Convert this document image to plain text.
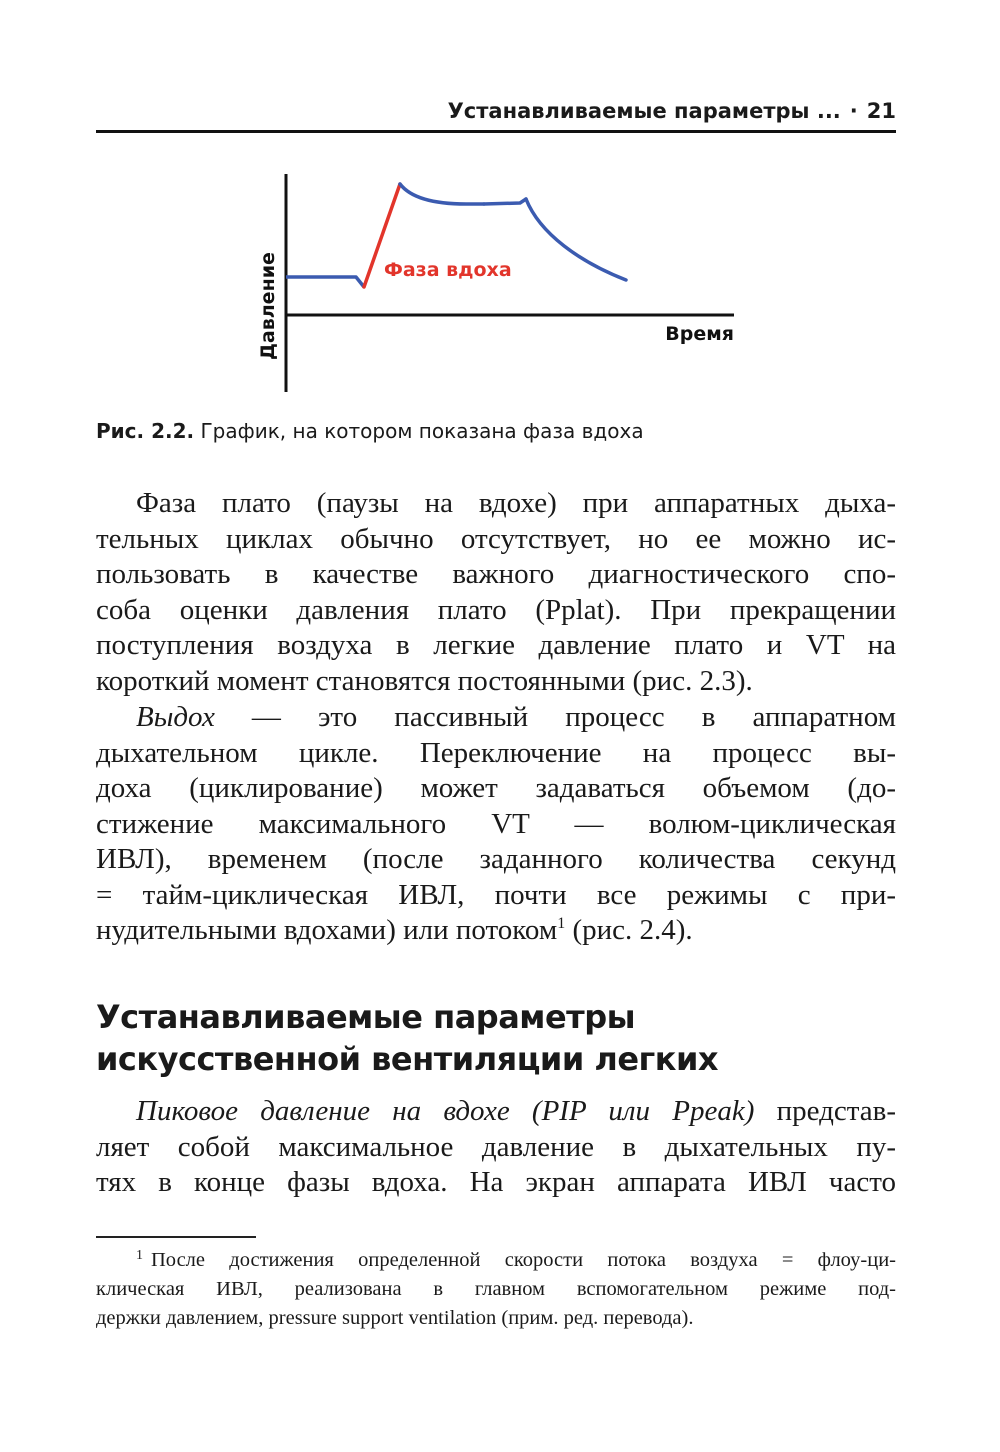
Устанавливаемые параметры ... · 21
Фаза вдоха
Время
Давление
Рис. 2.2. График, на котором показана фаза вдоха
Фаза плато (паузы на вдохе) при аппаратных дыха-
тельных циклах обычно отсутствует, но ее можно ис-
пользовать в качестве важного диагностического спо-
соба оценки давления плато (Pplat). При прекращении
поступления воздуха в легкие давление плато и VT на
короткий момент становятся постоянными (рис. 2.3).
Выдох — это пассивный процесс в аппаратном
дыхательном цикле. Переключение на процесс вы-
доха (циклирование) может задаваться объемом (до-
стижение максимального VT — волюм-циклическая
ИВЛ), временем (после заданного количества секунд
= тайм-циклическая ИВЛ, почти все режимы с при-
нудительными вдохами) или потоком$^1$ (рис. 2.4).
Устанавливаемые параметры
искусственной вентиляции легких
Пиковое давление на вдохе (PIP или Ppeak) представ-
ляет собой максимальное давление в дыхательных пу-
тях в конце фазы вдоха. На экран аппарата ИВЛ часто
$^1$ После достижения определенной скорости потока воздуха = флоу-ци-
клическая ИВЛ, реализована в главном вспомогательном режиме под-
держки давлением, pressure support ventilation (прим. ред. перевода).
